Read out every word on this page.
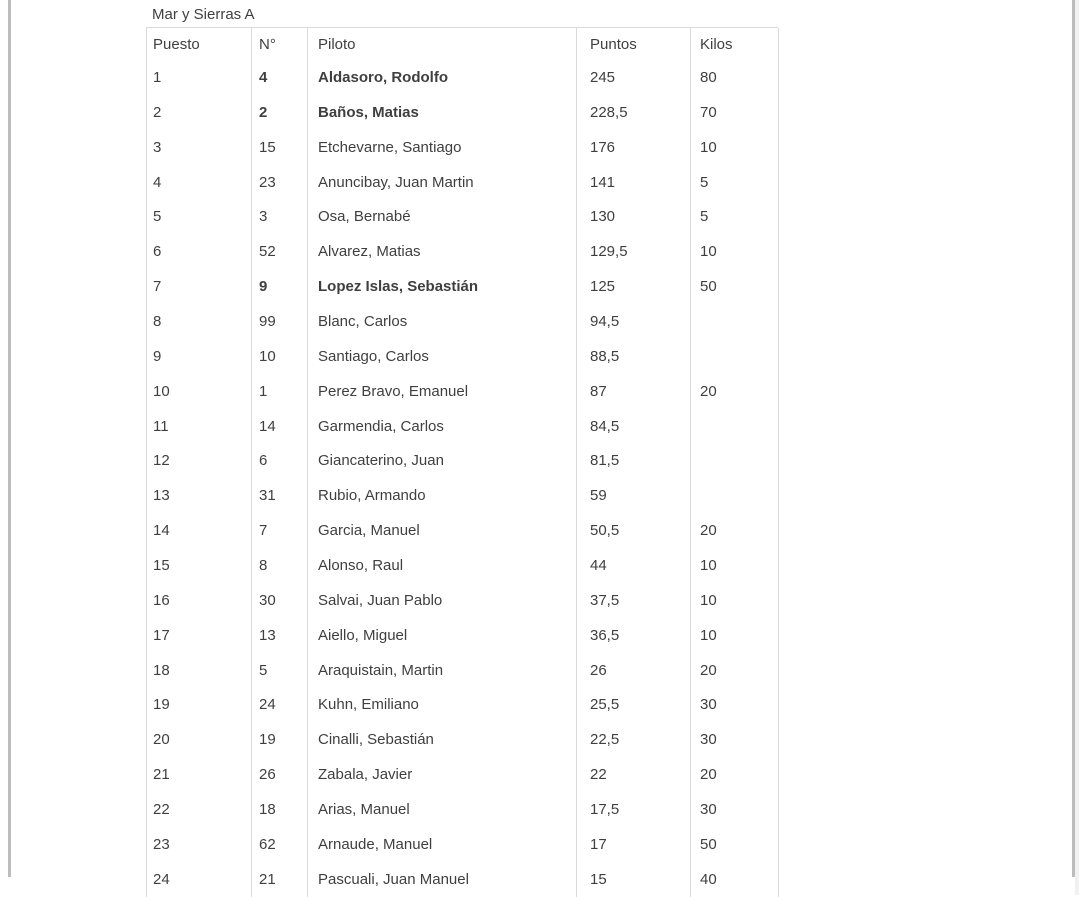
Mar y Sierras A
Puesto	N°	Piloto	Puntos	Kilos
1	4	Aldasoro, Rodolfo	245	80
2	2	Baños, Matias	228,5	70
3	15	Etchevarne, Santiago	176	10
4	23	Anuncibay, Juan Martin	141	5
5	3	Osa, Bernabé	130	5
6	52	Alvarez, Matias	129,5	10
7	9	Lopez Islas, Sebastián	125	50
8	99	Blanc, Carlos	94,5	
9	10	Santiago, Carlos	88,5	
10	1	Perez Bravo, Emanuel	87	20
11	14	Garmendia, Carlos	84,5	
12	6	Giancaterino, Juan	81,5	
13	31	Rubio, Armando	59	
14	7	Garcia, Manuel	50,5	20
15	8	Alonso, Raul	44	10
16	30	Salvai, Juan Pablo	37,5	10
17	13	Aiello, Miguel	36,5	10
18	5	Araquistain, Martin	26	20
19	24	Kuhn, Emiliano	25,5	30
20	19	Cinalli, Sebastián	22,5	30
21	26	Zabala, Javier	22	20
22	18	Arias, Manuel	17,5	30
23	62	Arnaude, Manuel	17	50
24	21	Pascuali, Juan Manuel	15	40
